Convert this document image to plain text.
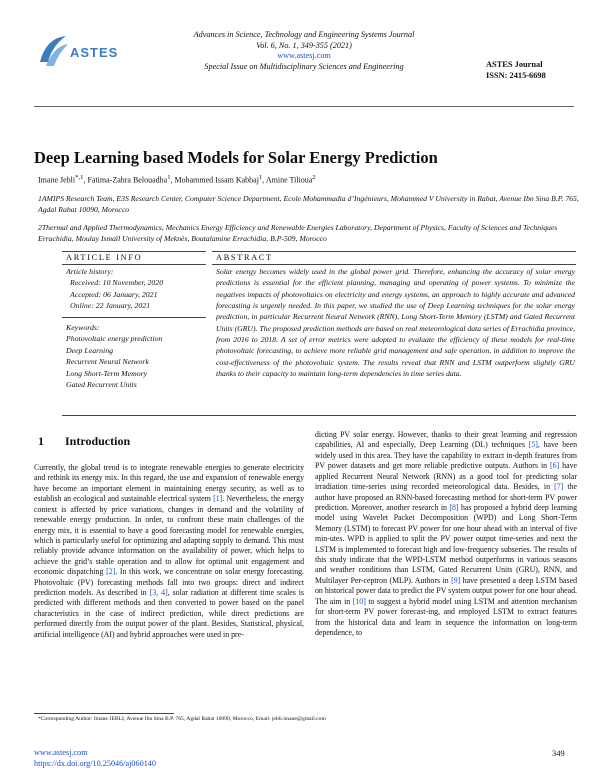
ASTES
Advances in Science, Technology and Engineering Systems Journal
Vol. 6, No. 1, 349-355 (2021)
www.astesj.com
Special Issue on Multidisciplinary Sciences and Engineering	ASTES Journal
ISSN: 2415-6698
Deep Learning based Models for Solar Energy Prediction
Imane Jebli$^{*,1}$, Fatima-Zahra Belouadha$^1$, Mohammed Issam Kabbaj$^1$, Amine Tilioua$^2$
1AMIPS Research Team, E3S Research Center, Computer Science Department, Ecole Mohammadia d’Ingénieurs, Mohammed V University in Rabat, Avenue Ibn Sina B.P. 765, Agdal Rabat 10090, Morocco
2Thermal and Applied Thermodynamics, Mechanics Energy Efficiency and Renewable Energies Laboratory, Department of Physics, Faculty of Sciences and Techniques Errachidia, Moulay Ismaïl University of Meknès, Boutalamine Errachidia, B.P-509, Morocco
ARTICLE INFO	ABSTRACT
Article history:
Received: 10 November, 2020
Accepted: 06 January, 2021
Online: 22 January, 2021
Keywords:
Photovoltaic energy prediction
Deep Learning
Recurrent Neural Network
Long Short-Term Memory
Gated Recurrent Units
Solar energy becomes widely used in the global power grid. Therefore, enhancing the accuracy of solar energy predictions is essential for the efficient planning, managing and operating of power systems. To minimize the negatives impacts of photovoltaics on electricity and energy systems, an approach to highly accurate and advanced forecasting is urgently needed. In this paper, we studied the use of Deep Learning techniques for the solar energy prediction, in particular Recurrent Neural Network (RNN), Long Short-Term Memory (LSTM) and Gated Recurrent Units (GRU). The proposed prediction methods are based on real meteorological data series of Errachidia province, from 2016 to 2018. A set of error metrics were adopted to evaluate the efficiency of these models for real-time photovoltaic forecasting, to achieve more reliable grid management and safe operation, in addition to improve the cost-effectiveness of the photovoltaic system. The results reveal that RNN and LSTM outperform slightly GRU thanks to their capacity to maintain long-term dependencies in time series data.
1 Introduction
Currently, the global trend is to integrate renewable energies to generate electricity and rethink its energy mix. In this regard, the use and expansion of renewable energy have become an important element in maintaining energy security, as well as to establish an ecological and sustainable electrical system [1]. Nevertheless, the energy context is affected by price variations, changes in demand and the volatility of renewable energy production. In order, to confront these main challenges of the energy mix, it is essential to have a good forecasting model for renewable energies, which is particularly useful for optimizing and adapting supply to demand. This must reliably provide advance information on the availability of power, which helps to achieve the grid’s stable operation and to allow for optimal unit engagement and economic dispatching [2]. In this work, we concentrate on solar energy forecasting. Photovoltaic (PV) forecasting methods fall into two groups: direct and indirect prediction models. As described in [3, 4], solar radiation at different time scales is predicted with different methods and then converted to power based on the panel characteristics in the case of indirect prediction, while direct predictions are performed directly from the output power of the plant. Besides, Statistical, physical, artificial intelligence (AI) and hybrid approaches were used in pre-
dicting PV solar energy. However, thanks to their great learning and regression capabilities, AI and especially, Deep Learning (DL) techniques [5], have been widely used in this area. They have the capability to extract in-depth features from PV power datasets and get more reliable predictive outputs. Authors in [6] have applied Recurrent Neural Network (RNN) as a good tool for predicting solar irradiation time-series using recorded meteorological data. Besides, in [7] the author have proposed an RNN-based forecasting method for short-term PV power prediction. Moreover, another research in [8] has proposed a hybrid deep learning model using Wavelet Packet Decomposition (WPD) and Long Short-Term Memory (LSTM) to forecast PV power for one hour ahead with an interval of five min-utes. WPD is applied to split the PV power output time-series and next the LSTM is implemented to forecast high and low-frequency subseries. The results of this study indicate that the WPD-LSTM method outperforms in various seasons and weather conditions than LSTM, Gated Recurrent Units (GRU), RNN, and Multilayer Per-ceptron (MLP). Authors in [9] have presented a deep LSTM based on historical power data to predict the PV system output power for one hour ahead. The aim in [10] to suggest a hybrid model using LSTM and attention mechanism for short-term PV power forecast-ing, and employed LSTM to extract features from the historical data and learn in sequence the information on long-term dependence, to
*Corresponding Author: Imane JEBLI, Avenue Ibn Sina B.P. 765, Agdal Rabat 10090, Morocco, Email: jebli.imane@gmail.com
www.astesj.com
https://dx.doi.org/10.25046/aj060140
349
